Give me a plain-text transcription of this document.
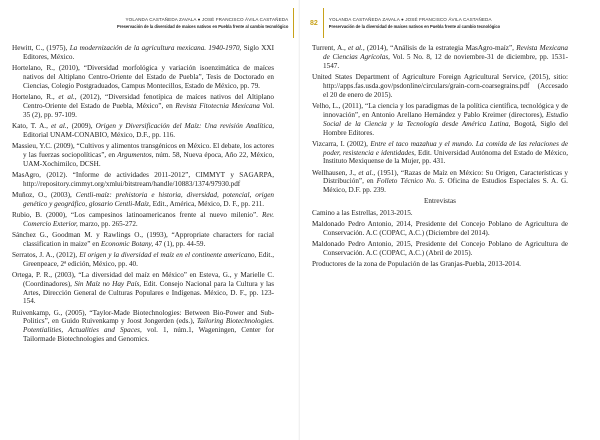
YOLANDA CASTAÑEDA ZAVALA ● JOSÉ FRANCISCO ÁVILA CASTAÑEDA
Preservación de la diversidad de maíces nativos en Puebla frente al cambio tecnológico

Hewitt, C., (1975), La modernización de la agricultura mexicana. 1940-1970, Siglo XXI Editores, México.

Hortelano, R., (2010), “Diversidad morfológica y variación isoenzimática de maíces nativos del Altiplano Centro-Oriente del Estado de Puebla”, Tesis de Doctorado en Ciencias, Colegio Postgraduados, Campus Montecillos, Estado de México, pp. 79.

Hortelano, R., et al., (2012), “Diversidad fenotípica de maíces nativos del Altiplano Centro-Oriente del Estado de Puebla, México”, en Revista Fitotecnia Mexicana Vol. 35 (2), pp. 97-109.

Kato, T. A., et al., (2009), Origen y Diversificación del Maíz: Una revisión Analítica, Editorial UNAM-CONABIO, México, D.F., pp. 116.

Massieu, Y.C. (2009), “Cultivos y alimentos transgénicos en México. El debate, los actores y las fuerzas sociopolíticas”, en Argumentos, núm. 58, Nueva época, Año 22, México, UAM-Xochimilco, DCSH.

MasAgro, (2012). “Informe de actividades 2011-2012”, CIMMYT y SAGARPA, http://repository.cimmyt.org/xmlui/bitstream/handle/10883/1374/97930.pdf

Muñoz, O., (2003), Centli-maíz: prehistoria e historia, diversidad, potencial, origen genético y geográfico, glosario Centli-Maíz, Edit., América, México, D. F., pp. 211.

Rubio, B. (2000), “Los campesinos latinoamericanos frente al nuevo milenio”. Rev. Comercio Exterior, marzo, pp. 265-272.

Sánchez G., Goodman M. y Rawlings O., (1993), “Appropriate characters for racial classification in maize” en Economic Botany, 47 (1), pp. 44-59.

Serratos, J. A., (2012), El origen y la diversidad el maíz en el continente americano, Edit., Greenpeace, 2ª edición, México, pp. 40.

Ortega, P. R., (2003), “La diversidad del maíz en México” en Esteva, G., y Marielle C. (Coordinadores), Sin Maíz no Hay País, Edit. Consejo Nacional para la Cultura y las Artes, Dirección General de Culturas Populares e Indígenas. México, D. F., pp. 123-154.

Ruivenkamp, G., (2005), “Taylor-Made Biotechnologies: Between Bio-Power and Sub-Politics”, en Guido Ruivenkamp y Joost Jongerden (eds.), Tailoring Biotechnologies. Potentialities, Actualities and Spaces, vol. 1, núm.1, Wageningen, Center for Tailormade Biotechnologies and Genomics.

82 YOLANDA CASTAÑEDA ZAVALA ● JOSÉ FRANCISCO ÁVILA CASTAÑEDA
Preservación de la diversidad de maíces nativos en Puebla frente al cambio tecnológico

Turrent, A., et al., (2014), “Análisis de la estrategia MasAgro-maíz”, Revista Mexicana de Ciencias Agrícolas, Vol. 5 No. 8, 12 de noviembre-31 de diciembre, pp. 1531-1547.

United States Department of Agriculture Foreign Agricultural Service, (2015), sitio: http://apps.fas.usda.gov/psdonline/circulars/grain-corn-coarsegrains.pdf (Accesado el 20 de enero de 2015).

Velho, L., (2011), “La ciencia y los paradigmas de la política científica, tecnológica y de innovación”, en Antonio Arellano Hernández y Pablo Kreimer (directores), Estudio Social de la Ciencia y la Tecnología desde América Latina, Bogotá, Siglo del Hombre Editores.

Vizcarra, I. (2002), Entre el taco mazahua y el mundo. La comida de las relaciones de poder, resistencia e identidades, Edit. Universidad Autónoma del Estado de México, Instituto Mexiquense de la Mujer, pp. 431.

Wellhausen, J., et al., (1951), “Razas de Maíz en México: Su Origen, Características y Distribución”, en Folleto Técnico No. 5. Oficina de Estudios Especiales S. A. G. México, D.F. pp. 239.

Entrevistas

Camino a las Estrellas, 2013-2015.

Maldonado Pedro Antonio, 2014, Presidente del Concejo Poblano de Agricultura de Conservación. A.C (COPAC, A.C.) (Diciembre del 2014).

Maldonado Pedro Antonio, 2015, Presidente del Concejo Poblano de Agricultura de Conservación. A.C (COPAC, A.C.) (Abril de 2015).

Productores de la zona de Populación de las Granjas-Puebla, 2013-2014.
